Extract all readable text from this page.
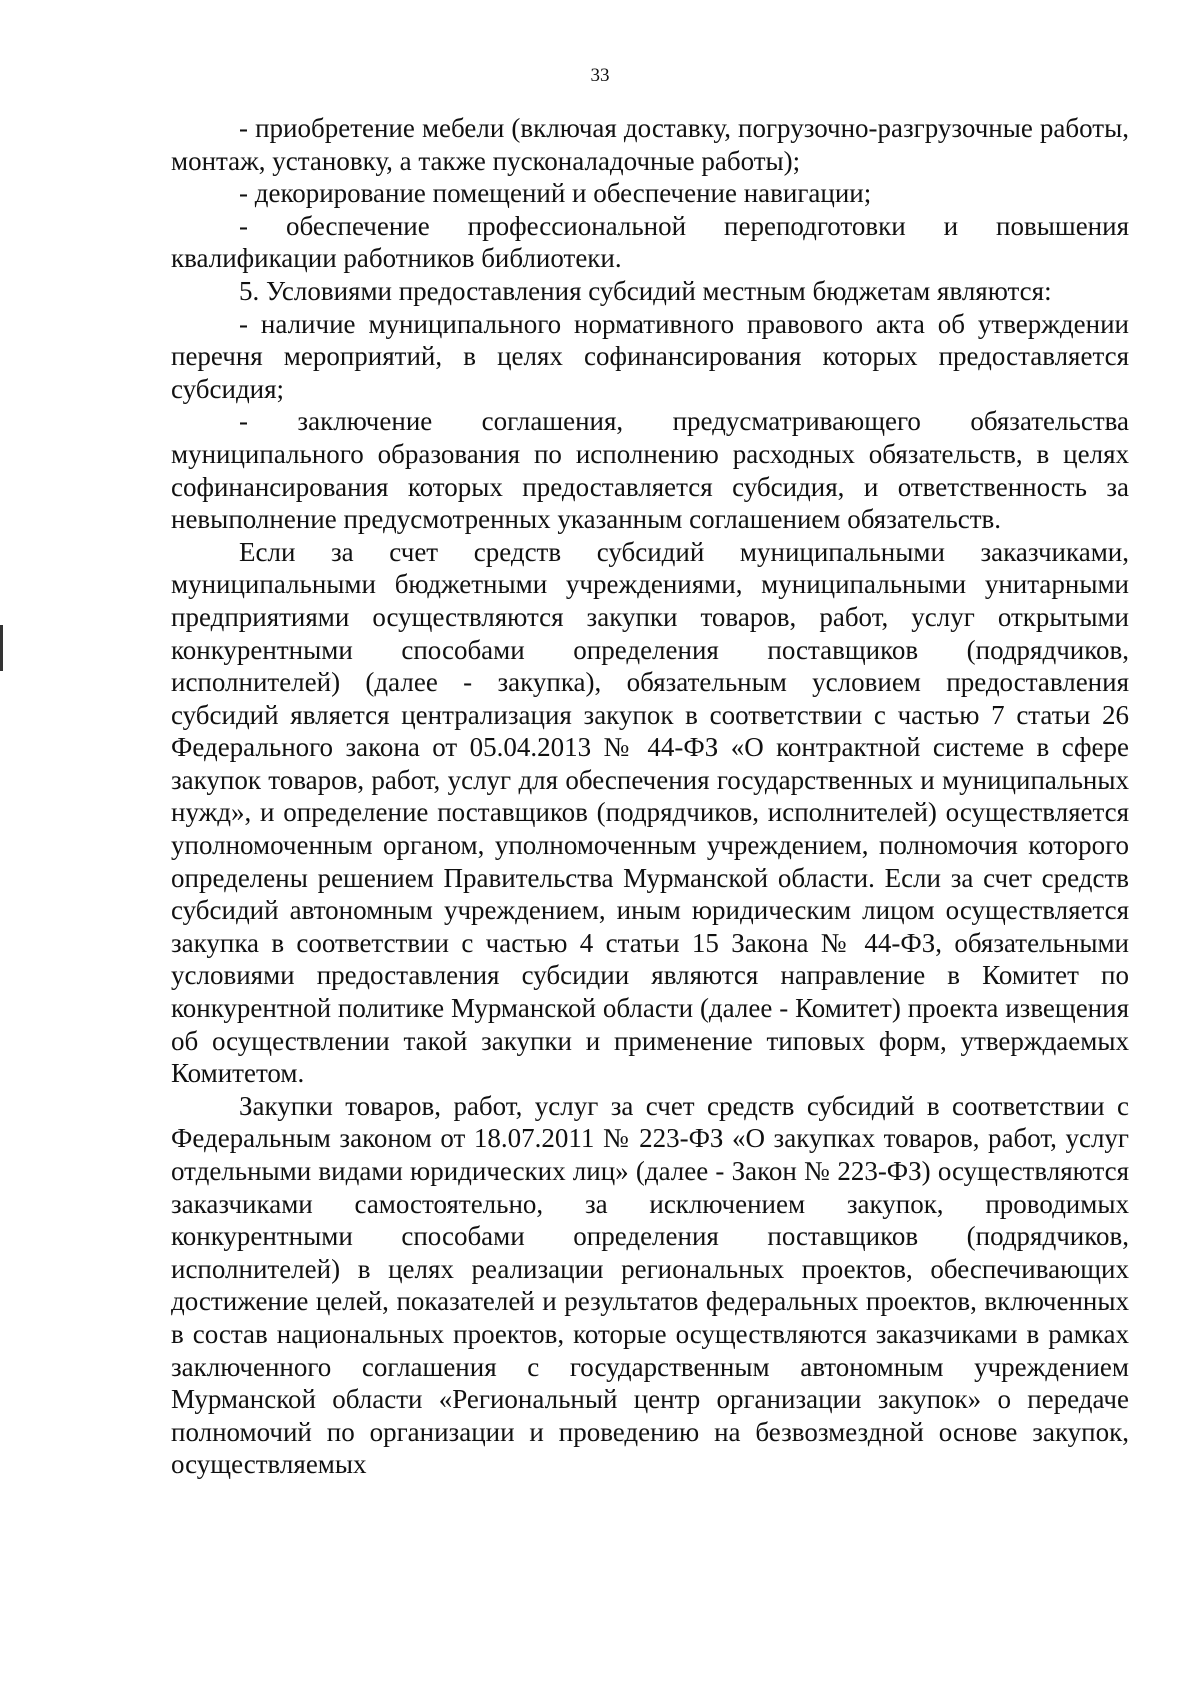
33

- приобретение мебели (включая доставку, погрузочно-разгрузочные работы, монтаж, установку, а также пусконаладочные работы);

- декорирование помещений и обеспечение навигации;

- обеспечение профессиональной переподготовки и повышения квалификации работников библиотеки.

5. Условиями предоставления субсидий местным бюджетам являются:

- наличие муниципального нормативного правового акта об утверждении перечня мероприятий, в целях софинансирования которых предоставляется субсидия;

- заключение соглашения, предусматривающего обязательства муниципального образования по исполнению расходных обязательств, в целях софинансирования которых предоставляется субсидия, и ответственность за невыполнение предусмотренных указанным соглашением обязательств.

Если за счет средств субсидий муниципальными заказчиками, муниципальными бюджетными учреждениями, муниципальными унитарными предприятиями осуществляются закупки товаров, работ, услуг открытыми конкурентными способами определения поставщиков (подрядчиков, исполнителей) (далее - закупка), обязательным условием предоставления субсидий является централизация закупок в соответствии с частью 7 статьи 26 Федерального закона от 05.04.2013 № 44-ФЗ «О контрактной системе в сфере закупок товаров, работ, услуг для обеспечения государственных и муниципальных нужд», и определение поставщиков (подрядчиков, исполнителей) осуществляется уполномоченным органом, уполномоченным учреждением, полномочия которого определены решением Правительства Мурманской области. Если за счет средств субсидий автономным учреждением, иным юридическим лицом осуществляется закупка в соответствии с частью 4 статьи 15 Закона № 44-ФЗ, обязательными условиями предоставления субсидии являются направление в Комитет по конкурентной политике Мурманской области (далее - Комитет) проекта извещения об осуществлении такой закупки и применение типовых форм, утверждаемых Комитетом.

Закупки товаров, работ, услуг за счет средств субсидий в соответствии с Федеральным законом от 18.07.2011 № 223-ФЗ «О закупках товаров, работ, услуг отдельными видами юридических лиц» (далее - Закон № 223-ФЗ) осуществляются заказчиками самостоятельно, за исключением закупок, проводимых конкурентными способами определения поставщиков (подрядчиков, исполнителей) в целях реализации региональных проектов, обеспечивающих достижение целей, показателей и результатов федеральных проектов, включенных в состав национальных проектов, которые осуществляются заказчиками в рамках заключенного соглашения с государственным автономным учреждением Мурманской области «Региональный центр организации закупок» о передаче полномочий по организации и проведению на безвозмездной основе закупок, осуществляемых
